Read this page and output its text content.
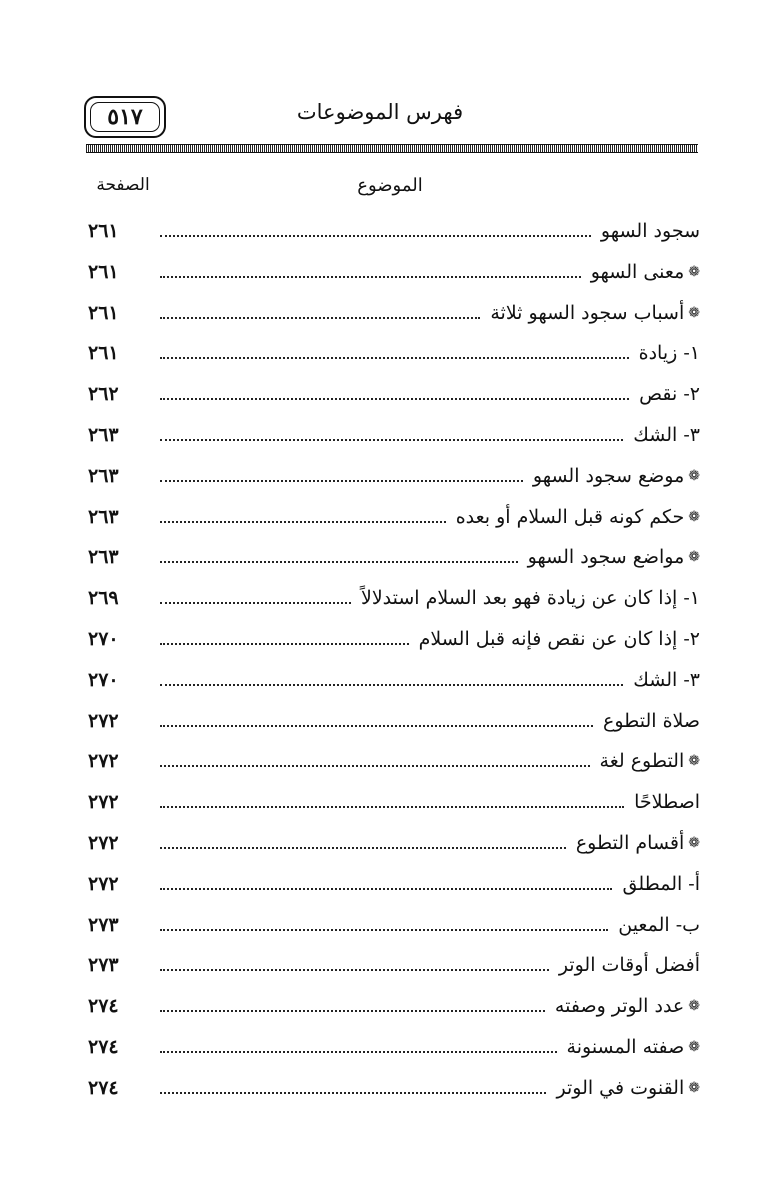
فهرس الموضوعات
٥١٧
الموضوع
الصفحة
سجود السهو
٢٦١
❁
معنى السهو
٢٦١
❁
أسباب سجود السهو ثلاثة
٢٦١
١- زيادة
٢٦١
٢- نقص
٢٦٢
٣- الشك
٢٦٣
❁
موضع سجود السهو
٢٦٣
❁
حكم كونه قبل السلام أو بعده
٢٦٣
❁
مواضع سجود السهو
٢٦٣
١- إذا كان عن زيادة فهو بعد السلام استدلالاً
٢٦٩
٢- إذا كان عن نقص فإنه قبل السلام
٢٧٠
٣- الشك
٢٧٠
صلاة التطوع
٢٧٢
❁
التطوع لغة
٢٧٢
اصطلاحًا
٢٧٢
❁
أقسام التطوع
٢٧٢
أ- المطلق
٢٧٢
ب- المعين
٢٧٣
أفضل أوقات الوتر
٢٧٣
❁
عدد الوتر وصفته
٢٧٤
❁
صفته المسنونة
٢٧٤
❁
القنوت في الوتر
٢٧٤
